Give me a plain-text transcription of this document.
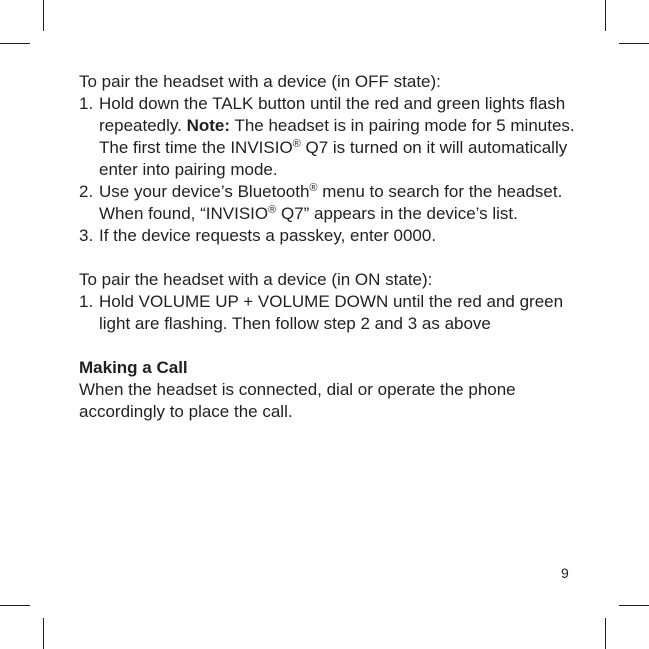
To pair the headset with a device (in OFF state):

1. Hold down the TALK button until the red and green lights flash repeatedly. Note: The headset is in pairing mode for 5 minutes. The first time the INVISIO® Q7 is turned on it will automatically enter into pairing mode.
2. Use your device’s Bluetooth® menu to search for the headset. When found, “INVISIO® Q7” appears in the device’s list.
3. If the device requests a passkey, enter 0000.

To pair the headset with a device (in ON state):

1. Hold VOLUME UP + VOLUME DOWN until the red and green light are flashing. Then follow step 2 and 3 as above

Making a Call

When the headset is connected, dial or operate the phone accordingly to place the call.

9
